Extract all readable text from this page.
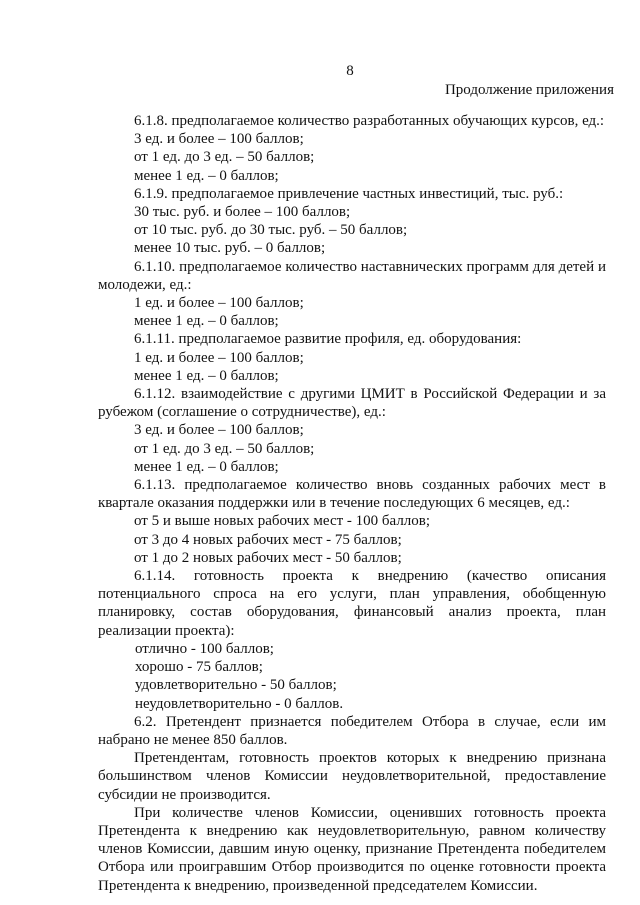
8
Продолжение приложения

6.1.8. предполагаемое количество разработанных обучающих курсов, ед.:

3 ед. и более – 100 баллов;

от 1 ед. до 3 ед. – 50 баллов;

менее 1 ед. – 0 баллов;

6.1.9. предполагаемое привлечение частных инвестиций, тыс. руб.:

30 тыс. руб. и более – 100 баллов;

от 10 тыс. руб. до 30 тыс. руб. – 50 баллов;

менее 10 тыс. руб. – 0 баллов;

6.1.10. предполагаемое количество наставнических программ для детей и молодежи, ед.:

1 ед. и более – 100 баллов;

менее 1 ед. – 0 баллов;

6.1.11. предполагаемое развитие профиля, ед. оборудования:

1 ед. и более – 100 баллов;

менее 1 ед. – 0 баллов;

6.1.12. взаимодействие с другими ЦМИТ в Российской Федерации и за рубежом (соглашение о сотрудничестве), ед.:

3 ед. и более – 100 баллов;

от 1 ед. до 3 ед. – 50 баллов;

менее 1 ед. – 0 баллов;

6.1.13. предполагаемое количество вновь созданных рабочих мест в квартале оказания поддержки или в течение последующих 6 месяцев, ед.:

от 5 и выше новых рабочих мест - 100 баллов;

от 3 до 4 новых рабочих мест - 75 баллов;

от 1 до 2 новых рабочих мест - 50 баллов;

6.1.14. готовность проекта к внедрению (качество описания потенциального спроса на его услуги, план управления, обобщенную планировку, состав оборудования, финансовый анализ проекта, план реализации проекта):

отлично - 100 баллов;

хорошо - 75 баллов;

удовлетворительно - 50 баллов;

неудовлетворительно - 0 баллов.

6.2. Претендент признается победителем Отбора в случае, если им набрано не менее 850 баллов.

Претендентам, готовность проектов которых к внедрению признана большинством членов Комиссии неудовлетворительной, предоставление субсидии не производится.

При количестве членов Комиссии, оценивших готовность проекта Претендента к внедрению как неудовлетворительную, равном количеству членов Комиссии, давшим иную оценку, признание Претендента победителем Отбора или проигравшим Отбор производится по оценке готовности проекта Претендента к внедрению, произведенной председателем Комиссии.
